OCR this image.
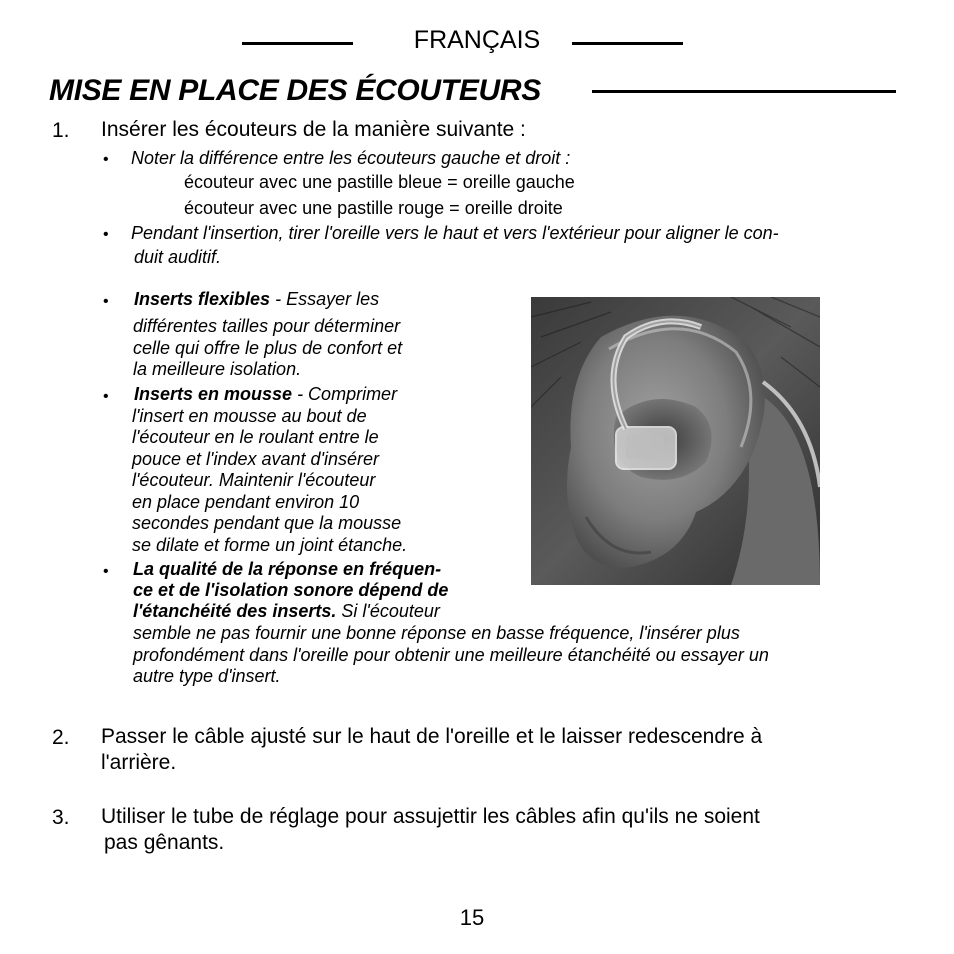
FRANÇAIS
MISE EN PLACE DES ÉCOUTEURS
1. Insérer les écouteurs de la manière suivante :
• Noter la différence entre les écouteurs gauche et droit :
écouteur avec une pastille bleue = oreille gauche
écouteur avec une pastille rouge = oreille droite
• Pendant l'insertion, tirer l'oreille vers le haut et vers l'extérieur pour aligner le con-
duit auditif.
• Inserts flexibles - Essayer les
différentes tailles pour déterminer
celle qui offre le plus de confort et
la meilleure isolation.
• Inserts en mousse - Comprimer
l'insert en mousse au bout de
l'écouteur en le roulant entre le
pouce et l'index avant d'insérer
l'écouteur. Maintenir l'écouteur
en place pendant environ 10
secondes pendant que la mousse
se dilate et forme un joint étanche.
• La qualité de la réponse en fréquen-
ce et de l'isolation sonore dépend de
l'étanchéité des inserts. Si l'écouteur
semble ne pas fournir une bonne réponse en basse fréquence, l'insérer plus
profondément dans l'oreille pour obtenir une meilleure étanchéité ou essayer un
autre type d'insert.
2. Passer le câble ajusté sur le haut de l'oreille et le laisser redescendre à
l'arrière.
3. Utiliser le tube de réglage pour assujettir les câbles afin qu'ils ne soient
pas gênants.
15
